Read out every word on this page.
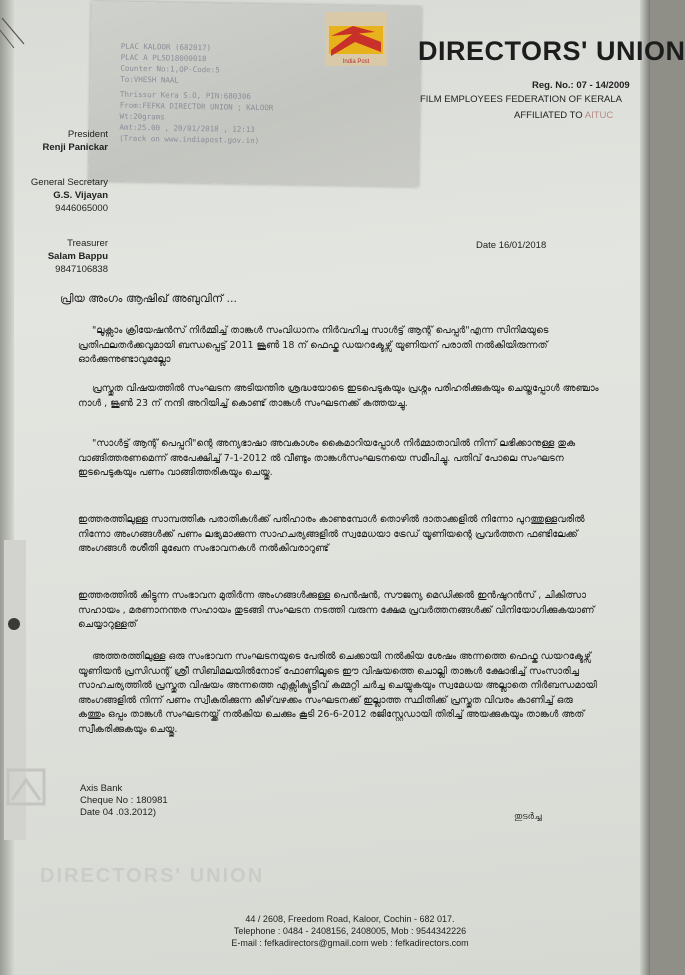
PLAC KALOOR (682017)
PLAC A PL5D18000018
Counter No:1,OP-Code:5
To:VHESH NAAL
Thrissur Kera S.O, PIN:680306
From:FEFKA DIRECTOR UNION ; KALOOR
Wt:20grams
Amt:25.00 , 20/01/2018 , 12:13
(Track on www.indiapost.gov.in)
India Post DIRECTORS' UNION
Reg. No.: 07 - 14/2009
FILM EMPLOYEES FEDERATION OF KERALA
AFFILIATED TO AITUC
President
Renji Panickar
General Secretary
G.S. Vijayan
9446065000
Treasurer
Salam Bappu
9847106838
Date 16/01/2018
പ്രിയ അംഗം ആഷിഖ് അബുവിന് ...
"ലൂക്സാം ക്രിയേഷൻസ് നിർമ്മിച്ച് താങ്കൾ സംവിധാനം നിർവഹിച്ച സാൾട്ട് ആന്റ് പെപ്പർ"എന്ന സിനിമയുടെ പ്രതിഫലതർക്കവുമായി ബന്ധപ്പെട്ട് 2011 ജൂൺ 18 ന് ഫെഫ്ക ഡയറക്ടേഴ്സ് യൂണിയന് പരാതി നൽകിയിരുന്നത് ഓർക്കുന്നുണ്ടാവുമല്ലോ
പ്രസ്തുത വിഷയത്തിൽ സംഘടന അടിയന്തിര ശ്രദ്ധയോടെ ഇടപെടുകയും പ്രശ്നം പരിഹരിക്കുകയും ചെയ്തപ്പോൾ അഞ്ചാം നാൾ , ജൂൺ 23 ന് നന്ദി അറിയിച്ച് കൊണ്ട് താങ്കൾ സംഘടനക്ക് കത്തയച്ചു.
"സാൾട്ട് ആന്റ് പെപ്പറി"ന്റെ അന്യഭാഷാ അവകാശം കൈമാറിയപ്പോൾ നിർമ്മാതാവിൽ നിന്ന് ലഭിക്കാനുള്ള തുക വാങ്ങിത്തരണമെന്ന് അപേക്ഷിച്ച് 7-1-2012 ൽ വീണ്ടും താങ്കൾസംഘടനയെ സമീപിച്ചു. പതിവ് പോലെ സംഘടന ഇടപെടുകയും പണം വാങ്ങിത്തരികയും ചെയ്തു.
ഇത്തരത്തിലുള്ള സാമ്പത്തിക പരാതികൾക്ക് പരിഹാരം കാണുമ്പോൾ തൊഴിൽ ദാതാക്കളിൽ നിന്നോ പുറത്തുള്ളവരിൽ നിന്നോ അംഗങ്ങൾക്ക് പണം ലഭ്യമാക്കുന്ന സാഹചര്യങ്ങളിൽ സ്വമേധയാ ട്രേഡ് യൂണിയന്റെ പ്രവർത്തന ഫണ്ടിലേക്ക് അംഗങ്ങൾ രശീതി മുഖേന സംഭാവനകൾ നൽകിവരാറുണ്ട്
ഇത്തരത്തിൽ കിട്ടുന്ന സംഭാവന മുതിർന്ന അംഗങ്ങൾക്കുള്ള പെൻഷൻ, സൗജന്യ മെഡിക്കൽ ഇൻഷുറൻസ് , ചികിത്സാ സഹായം , മരണാനന്തര സഹായം തുടങ്ങി സംഘടന നടത്തി വരുന്ന ക്ഷേമ പ്രവർത്തനങ്ങൾക്ക് വിനിയോഗിക്കുകയാണ് ചെയ്യാറുള്ളത്
അത്തരത്തിലുള്ള ഒരു സംഭാവന സംഘടനയുടെ പേരിൽ ചെക്കായി നൽകിയ ശേഷം അന്നത്തെ ഫെഫ്ക ഡയറക്ടേഴ്സ് യൂണിയൻ പ്രസിഡന്റ് ശ്രീ സിബിമലയിൽനോട് ഫോണിലൂടെ ഈ വിഷയത്തെ ചൊല്ലി താങ്കൾ ക്ഷോഭിച്ച് സംസാരിച്ച സാഹചര്യത്തിൽ പ്രസ്തുത വിഷയം അന്നത്തെ എക്സിക്യൂട്ടീവ് കമ്മറ്റി ചർച്ച ചെയ്യുകയും സ്വമേധയ അല്ലാതെ നിർബന്ധമായി അംഗങ്ങളിൽ നിന്ന് പണം സ്വീകരിക്കുന്ന കീഴ്‌വഴക്കം സംഘടനക്ക് ഇല്ലാത്ത സ്ഥിതിക്ക് പ്രസ്തുത വിവരം കാണിച്ച് ഒരു കത്തും ഒപ്പം താങ്കൾ സംഘടനയ്ക്ക് നൽകിയ ചെക്കും കൂടി 26-6-2012 രജിസ്റ്റേഡായി തിരിച്ച് അയക്കുകയും താങ്കൾ അത് സ്വീകരിക്കുകയും ചെയ്തു.
Axis Bank
Cheque No : 180981
Date 04 .03.2012)	തുടർച്ച
DIRECTORS' UNION
44 / 2608, Freedom Road, Kaloor, Cochin - 682 017.
Telephone : 0484 - 2408156, 2408005, Mob : 9544342226
E-mail : fefkadirectors@gmail.com web : fefkadirectors.com
